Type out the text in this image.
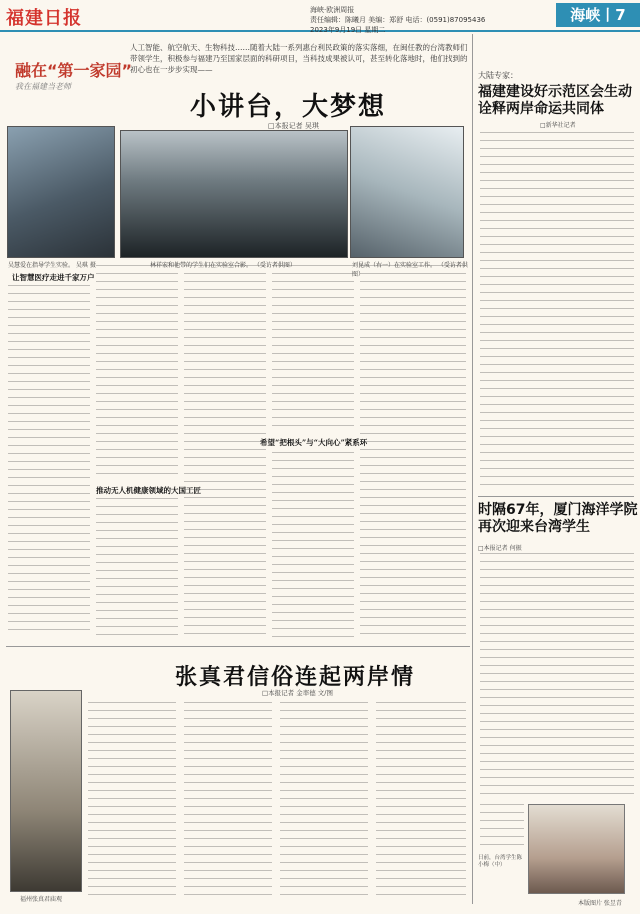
福建日报	海峡·欧洲周报
责任编辑：陈曦月 美编：郑舒 电话：(0591)87095436
2023年9月19日 星期二
海峡丨7
人工智能、航空航天、生物科技……随着大陆一系列惠台利民政策的落实落细，在闽任教的台湾教师们带领学生，积极参与福建乃至国家层面的科研项目，当科技成果被认可，甚至转化落地时，他们找到的初心也在一步步实现——
融在“第一家园”
我在福建当老师
小讲台，大梦想
□本报记者 吴琪
吴慧爱在指导学生实验。 吴琪 摄	林祥宏和他带的学生们在实验室合影。 （受访者供图）	刘昆成（右一）在实验室工作。 （受访者供图）
让智慧医疗走进千家万户
推动无人机健康领域的大国工匠
希望“把根头”与“大向心”紧系环
大陆专家：
福建建设好示范区会生动诠释两岸命运共同体
□新华社记者
时隔67年，厦门海洋学院再次迎来台湾学生
□本报记者 何振
日前，台湾学生陈小梅（中）
本版图片 张昱青
张真君信俗连起两岸情
□本报记者 金率德 文/图
福州张真君庙观
